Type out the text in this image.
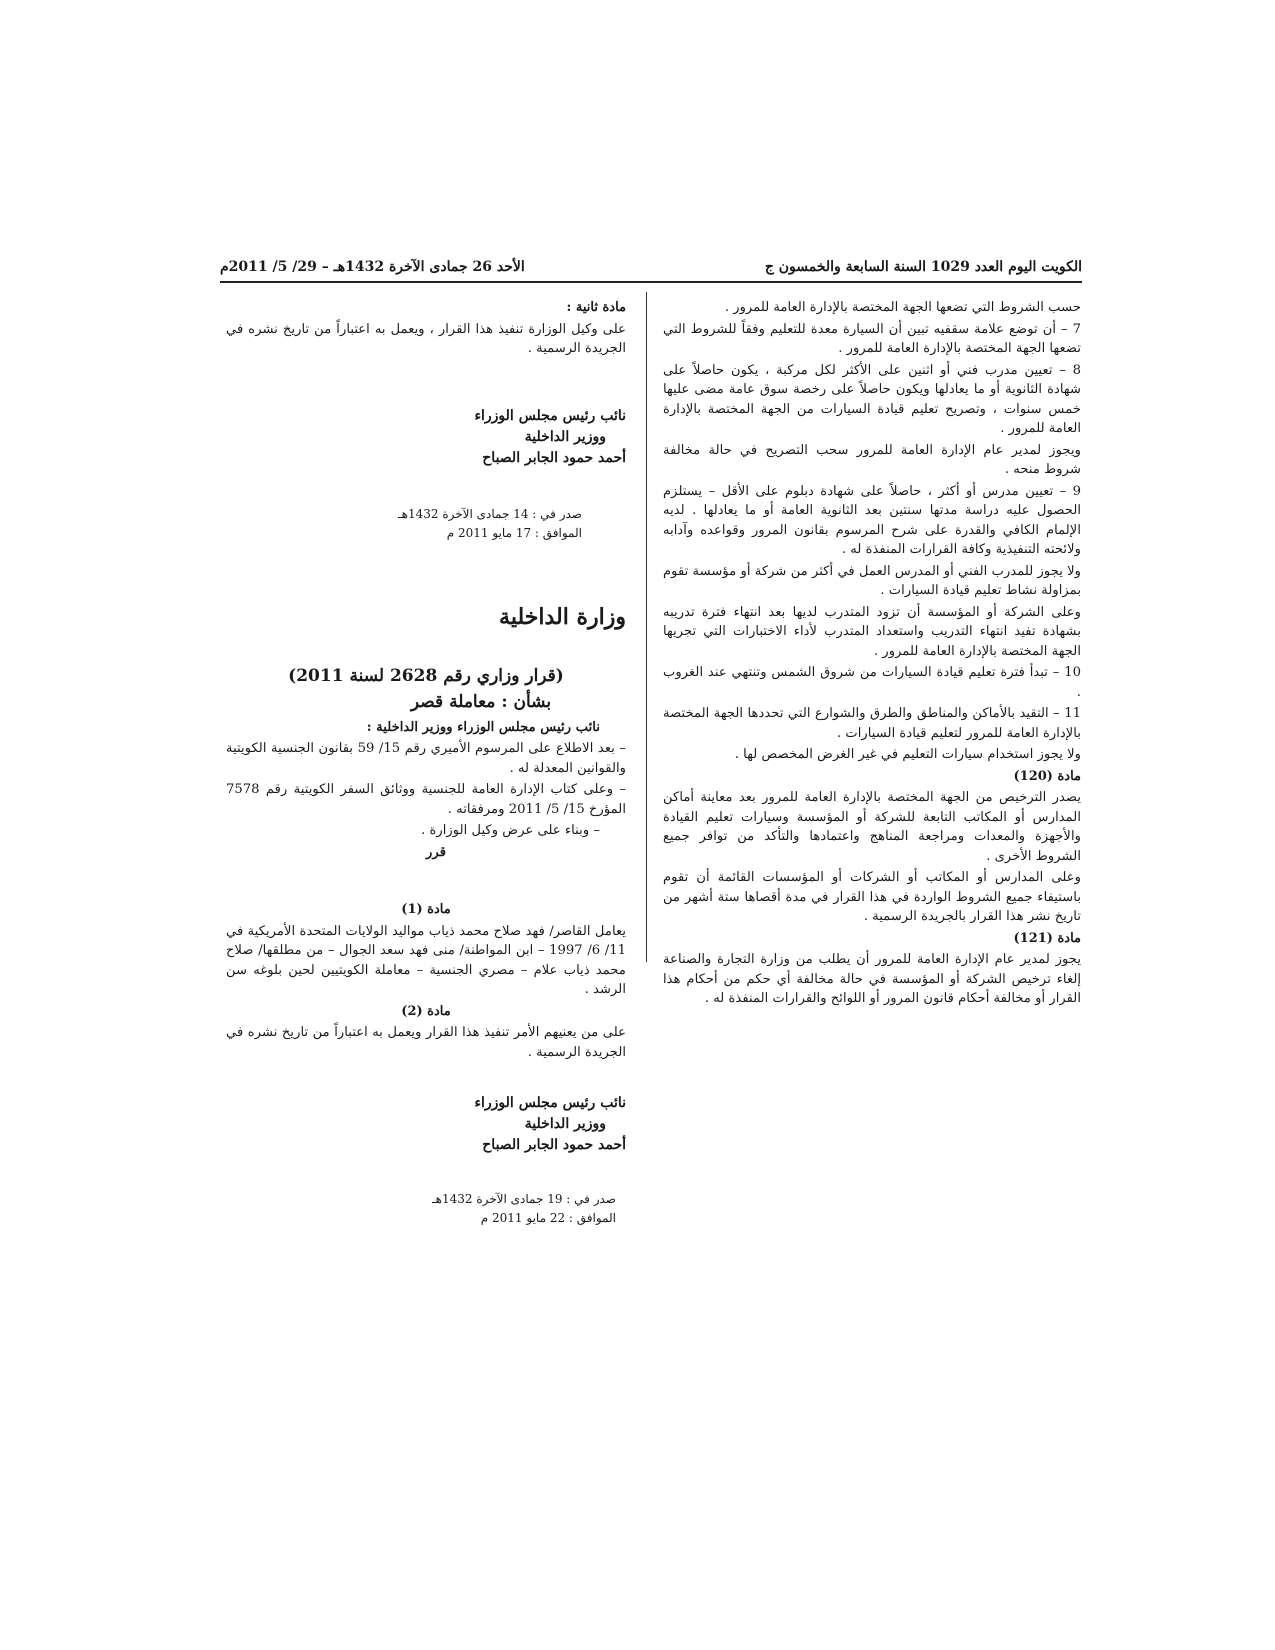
الكويت اليوم العدد 1029 السنة السابعة والخمسون ج
الأحد 26 جمادى الآخرة 1432هـ – 29/ 5/ 2011م

حسب الشروط التي تضعها الجهة المختصة بالإدارة العامة للمرور .

7 – أن توضع علامة سقفيه تبين أن السيارة معدة للتعليم وفقاً للشروط التي تضعها الجهة المختصة بالإدارة العامة للمرور .

8 – تعيين مدرب فني أو اثنين على الأكثر لكل مركبة ، يكون حاصلاً على شهادة الثانوية أو ما يعادلها ويكون حاصلاً على رخصة سوق عامة مضى عليها خمس سنوات ، وتصريح تعليم قيادة السيارات من الجهة المختصة بالإدارة العامة للمرور .

ويجوز لمدير عام الإدارة العامة للمرور سحب التصريح في حالة مخالفة شروط منحه .

9 – تعيين مدرس أو أكثر ، حاصلاً على شهادة دبلوم على الأقل – يستلزم الحصول عليه دراسة مدتها سنتين بعد الثانوية العامة أو ما يعادلها . لديه الإلمام الكافي والقدرة على شرح المرسوم بقانون المرور وقواعده وآدابه ولائحته التنفيذية وكافة القرارات المنفذة له .

ولا يجوز للمدرب الفني أو المدرس العمل في أكثر من شركة أو مؤسسة تقوم بمزاولة نشاط تعليم قيادة السيارات .

وعلى الشركة أو المؤسسة أن تزود المتدرب لديها بعد انتهاء فترة تدريبه بشهادة تفيد انتهاء التدريب واستعداد المتدرب لأداء الاختبارات التي تجريها الجهة المختصة بالإدارة العامة للمرور .

10 – تبدأ فترة تعليم قيادة السيارات من شروق الشمس وتنتهي عند الغروب .

11 – التقيد بالأماكن والمناطق والطرق والشوارع التي تحددها الجهة المختصة بالإدارة العامة للمرور لتعليم قيادة السيارات .

ولا يجوز استخدام سيارات التعليم في غير الغرض المخصص لها .

مادة (120)

يصدر الترخيص من الجهة المختصة بالإدارة العامة للمرور بعد معاينة أماكن المدارس أو المكاتب التابعة للشركة أو المؤسسة وسيارات تعليم القيادة والأجهزة والمعدات ومراجعة المناهج واعتمادها والتأكد من توافر جميع الشروط الأخرى .

وعلى المدارس أو المكاتب أو الشركات أو المؤسسات القائمة أن تقوم باستيفاء جميع الشروط الواردة في هذا القرار في مدة أقصاها ستة أشهر من تاريخ نشر هذا القرار بالجريدة الرسمية .

مادة (121)

يجوز لمدير عام الإدارة العامة للمرور أن يطلب من وزارة التجارة والصناعة إلغاء ترخيص الشركة أو المؤسسة في حالة مخالفة أي حكم من أحكام هذا القرار أو مخالفة أحكام قانون المرور أو اللوائح والقرارات المنفذة له .

مادة ثانية :

على وكيل الوزارة تنفيذ هذا القرار ، ويعمل به اعتباراً من تاريخ نشره في الجريدة الرسمية .

نائب رئيس مجلس الوزراء

ووزير الداخلية

أحمد حمود الجابر الصباح

صدر في : 14 جمادى الآخرة 1432هـ

الموافق : 17 مايو 2011 م

وزارة الداخلية

(قرار وزاري رقم 2628 لسنة 2011)

بشأن : معاملة قصر

نائب رئيس مجلس الوزراء ووزير الداخلية :

– بعد الاطلاع على المرسوم الأميري رقم 15/ 59 بقانون الجنسية الكويتية والقوانين المعدلة له .

– وعلى كتاب الإدارة العامة للجنسية ووثائق السفر الكويتية رقم 7578 المؤرخ 15/ 5/ 2011 ومرفقاته .

– وبناء على عرض وكيل الوزارة .

قرر

مادة (1)

يعامل القاصر/ فهد صلاح محمد ذياب مواليد الولايات المتحدة الأمريكية في 11/ 6/ 1997 – ابن المواطنة/ منى فهد سعد الجوال – من مطلقها/ صلاح محمد ذياب علام – مصري الجنسية – معاملة الكويتيين لحين بلوغه سن الرشد .

مادة (2)

على من يعنيهم الأمر تنفيذ هذا القرار ويعمل به اعتباراً من تاريخ نشره في الجريدة الرسمية .

نائب رئيس مجلس الوزراء

ووزير الداخلية

أحمد حمود الجابر الصباح

صدر في : 19 جمادى الآخرة 1432هـ

الموافق : 22 مايو 2011 م
